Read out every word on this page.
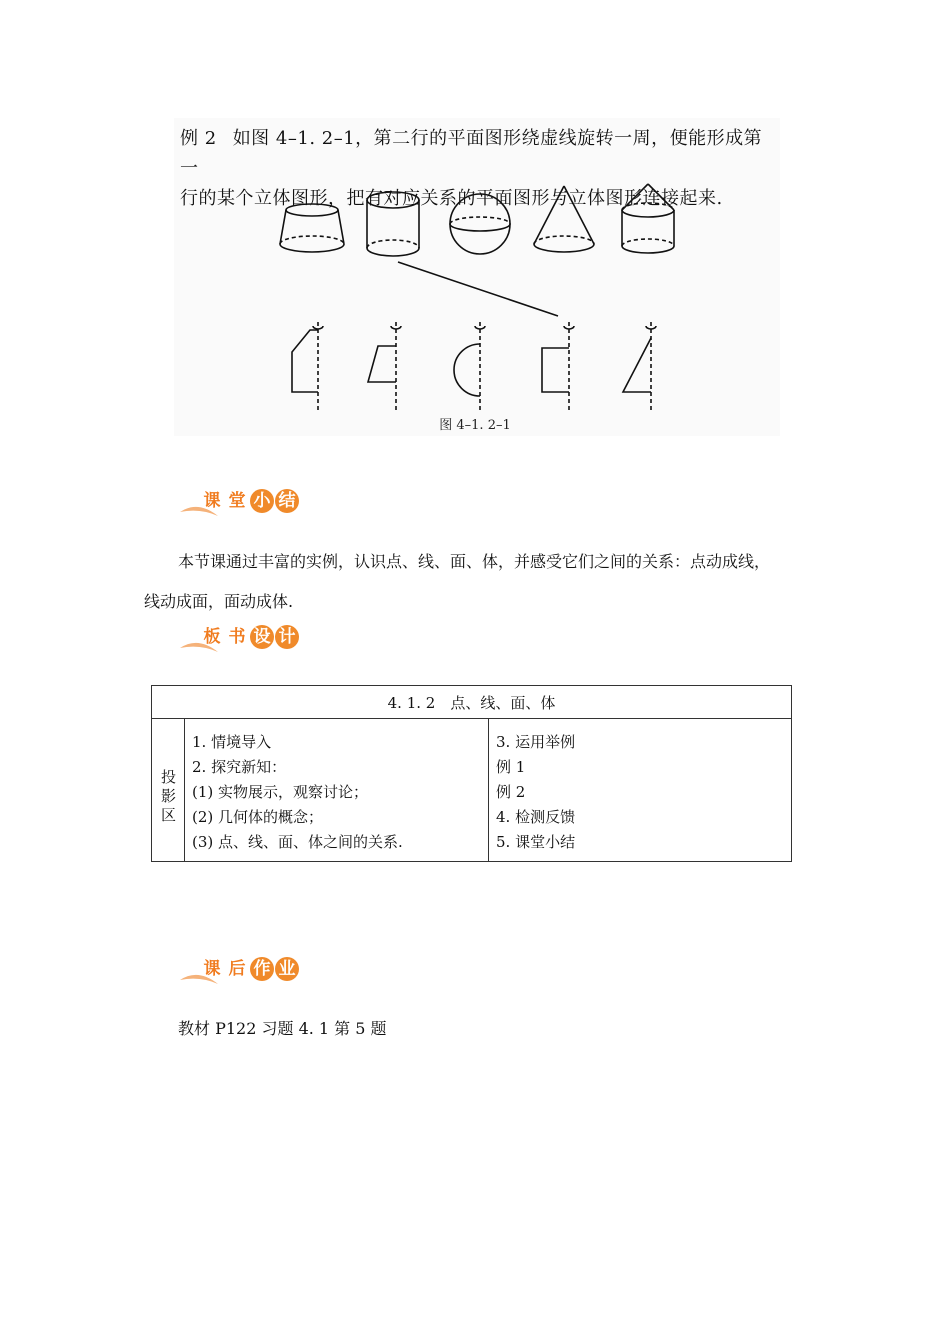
例 2 如图 4–1. 2–1，第二行的平面图形绕虚线旋转一周，便能形成第一
行的某个立体图形，把有对应关系的平面图形与立体图形连接起来.
图 4–1. 2–1
课 堂 小 结
本节课通过丰富的实例，认识点、线、面、体，并感受它们之间的关系：点动成线，
线动成面，面动成体.
板 书 设 计
4. 1. 2　点、线、面、体
投
影
区
1. 情境导入
2. 探究新知：
(1) 实物展示，观察讨论；
(2) 几何体的概念；
(3) 点、线、面、体之间的关系.
3. 运用举例
例 1
例 2
4. 检测反馈
5. 课堂小结
课 后 作 业
教材 P122 习题 4. 1 第 5 题
